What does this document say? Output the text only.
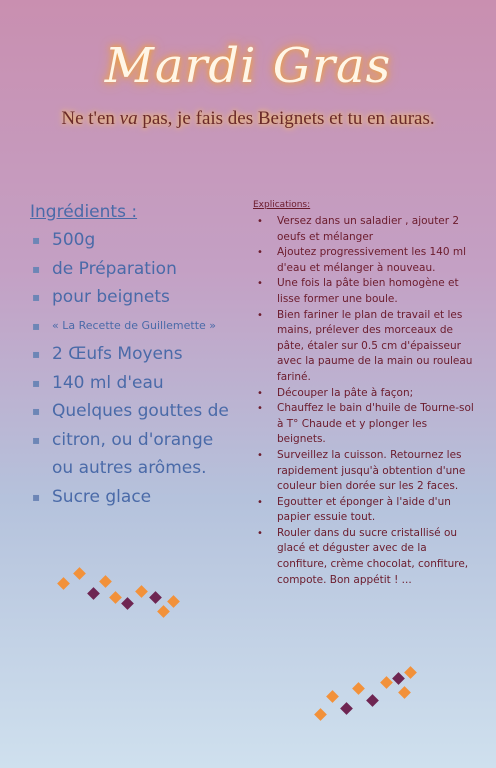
Mardi Gras
Ne t'en va pas, je fais des Beignets et tu en auras.
Ingrédients :
▪ 500g
▪ de Préparation
▪ pour beignets
▪ « La Recette de Guillemette »
▪ 2 Œufs Moyens
▪ 140 ml d'eau
▪ Quelques gouttes de
▪ citron, ou d'orange
ou autres arômes.
▪ Sucre glace
Explications:
• Versez dans un saladier , ajouter 2 oeufs et mélanger
• Ajoutez progressivement les 140 ml d'eau et mélanger à nouveau.
• Une fois la pâte bien homogène et lisse former une boule.
• Bien fariner le plan de travail et les mains, prélever des morceaux de pâte, étaler sur 0.5 cm d'épaisseur avec la paume de la main ou rouleau fariné.
• Découper la pâte à façon;
• Chauffez le bain d'huile de Tourne-sol à T° Chaude et y plonger les beignets.
• Surveillez la cuisson. Retournez les rapidement jusqu'à obtention d'une couleur bien dorée sur les 2 faces.
• Egoutter et éponger à l'aide d'un papier essuie tout.
• Rouler dans du sucre cristallisé ou glacé et déguster avec de la confiture, crème chocolat, confiture, compote. Bon appétit ! ...
